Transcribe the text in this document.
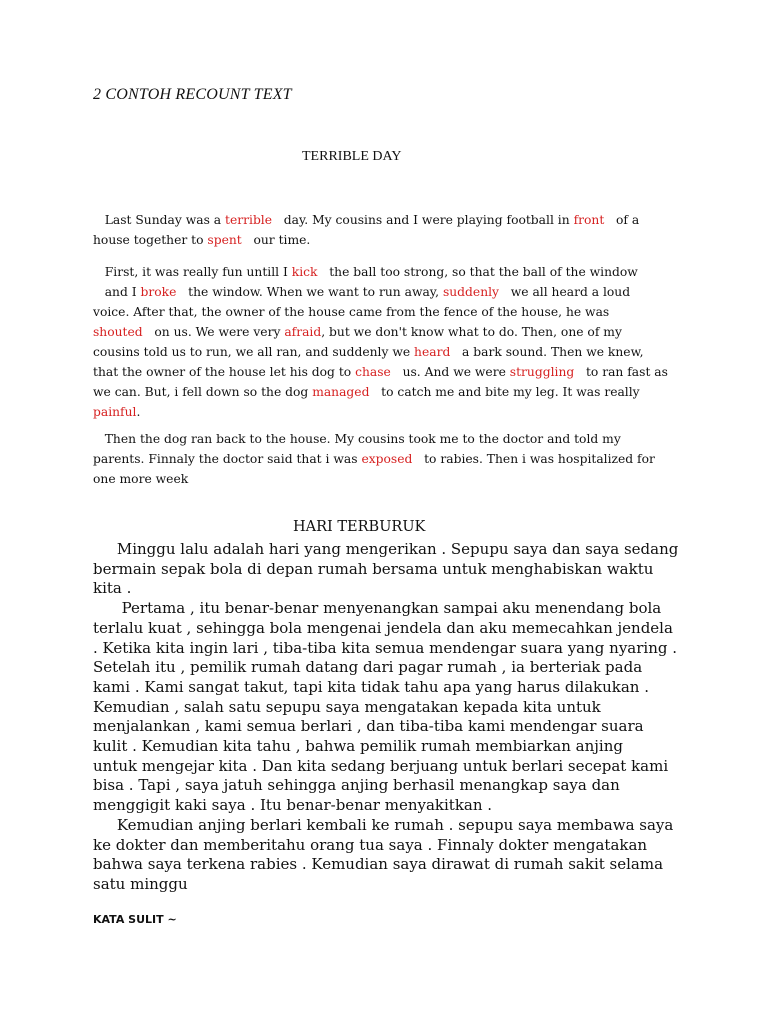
2 CONTOH RECOUNT TEXT
TERRIBLE DAY
Last Sunday was a terrible   day. My cousins and I were playing football in front   of a
house together to spent   our time.
First, it was really fun untill I kick   the ball too strong, so that the ball of the window
and I broke   the window. When we want to run away, suddenly   we all heard a loud
voice. After that, the owner of the house came from the fence of the house, he was
shouted   on us. We were very afraid, but we don't know what to do. Then, one of my
cousins told us to run, we all ran, and suddenly we heard   a bark sound. Then we knew,
that the owner of the house let his dog to chase   us. And we were struggling   to ran fast as
we can. But, i fell down so the dog managed   to catch me and bite my leg. It was really
painful.
Then the dog ran back to the house. My cousins took me to the doctor and told my
parents. Finnaly the doctor said that i was exposed   to rabies. Then i was hospitalized for
one more week
HARI TERBURUK
Minggu lalu adalah hari yang mengerikan . Sepupu saya dan saya sedang
bermain sepak bola di depan rumah bersama untuk menghabiskan waktu
kita .
Pertama , itu benar-benar menyenangkan sampai aku menendang bola
terlalu kuat , sehingga bola mengenai jendela dan aku memecahkan jendela
. Ketika kita ingin lari , tiba-tiba kita semua mendengar suara yang nyaring .
Setelah itu , pemilik rumah datang dari pagar rumah , ia berteriak pada
kami . Kami sangat takut, tapi kita tidak tahu apa yang harus dilakukan .
Kemudian , salah satu sepupu saya mengatakan kepada kita untuk
menjalankan , kami semua berlari , dan tiba-tiba kami mendengar suara
kulit . Kemudian kita tahu , bahwa pemilik rumah membiarkan anjing
untuk mengejar kita . Dan kita sedang berjuang untuk berlari secepat kami
bisa . Tapi , saya jatuh sehingga anjing berhasil menangkap saya dan
menggigit kaki saya . Itu benar-benar menyakitkan .
Kemudian anjing berlari kembali ke rumah . sepupu saya membawa saya
ke dokter dan memberitahu orang tua saya . Finnaly dokter mengatakan
bahwa saya terkena rabies . Kemudian saya dirawat di rumah sakit selama
satu minggu
KATA SULIT ~
